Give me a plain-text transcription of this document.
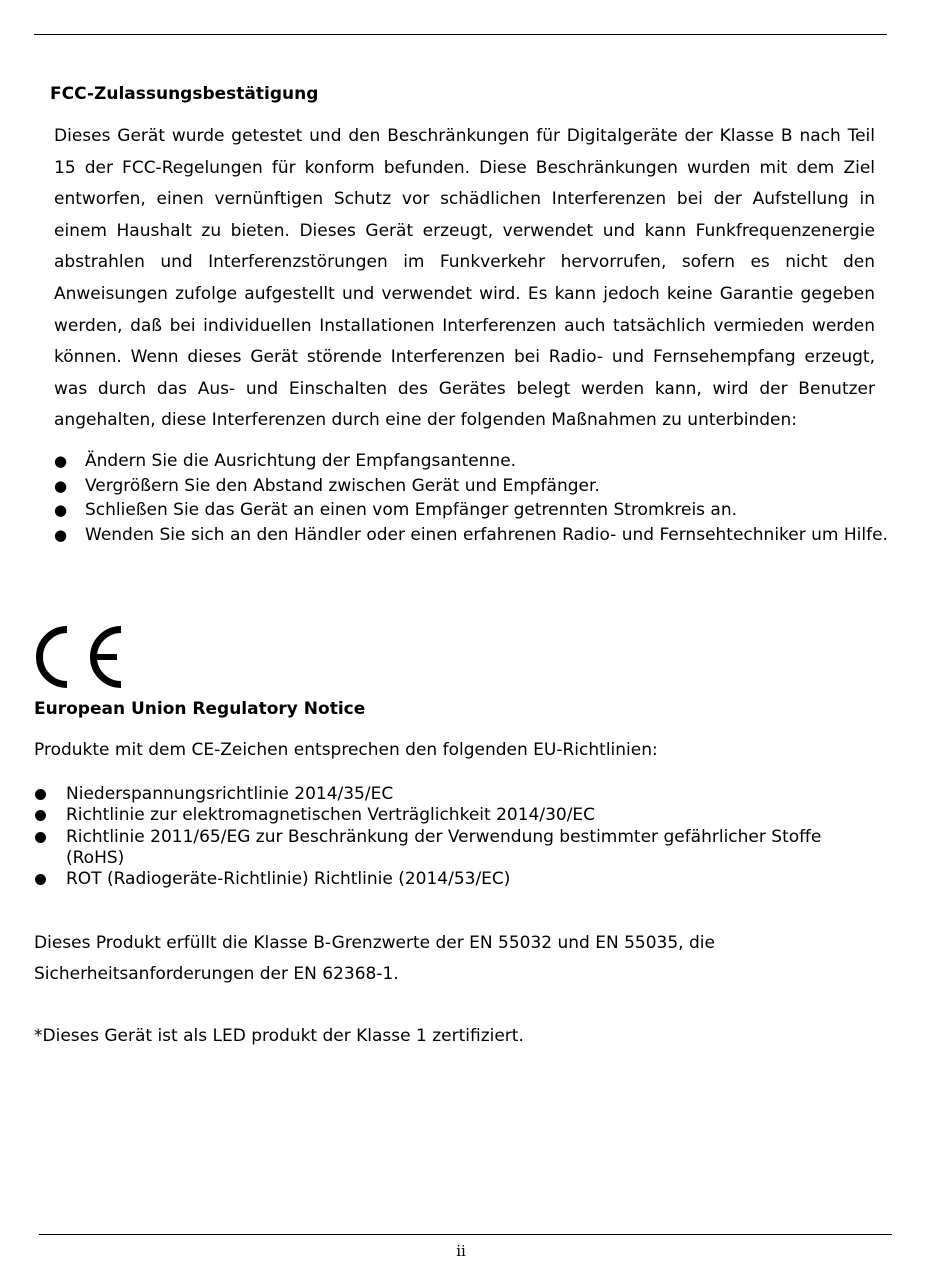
FCC-Zulassungsbestätigung

Dieses Gerät wurde getestet und den Beschränkungen für Digitalgeräte der Klasse B nach Teil 15 der FCC-Regelungen für konform befunden. Diese Beschränkungen wurden mit dem Ziel entworfen, einen vernünftigen Schutz vor schädlichen Interferenzen bei der Aufstellung in einem Haushalt zu bieten. Dieses Gerät erzeugt, verwendet und kann Funkfrequenzenergie abstrahlen und Interferenzstörungen im Funkverkehr hervorrufen, sofern es nicht den Anweisungen zufolge aufgestellt und verwendet wird. Es kann jedoch keine Garantie gegeben werden, daß bei individuellen Installationen Interferenzen auch tatsächlich vermieden werden können. Wenn dieses Gerät störende Interferenzen bei Radio- und Fernsehempfang erzeugt, was durch das Aus- und Einschalten des Gerätes belegt werden kann, wird der Benutzer angehalten, diese Interferenzen durch eine der folgenden Maßnahmen zu unterbinden:

● Ändern Sie die Ausrichtung der Empfangsantenne.
● Vergrößern Sie den Abstand zwischen Gerät und Empfänger.
● Schließen Sie das Gerät an einen vom Empfänger getrennten Stromkreis an.
● Wenden Sie sich an den Händler oder einen erfahrenen Radio- und Fernsehtechniker um Hilfe.
European Union Regulatory Notice

Produkte mit dem CE-Zeichen entsprechen den folgenden EU-Richtlinien:

Niederspannungsrichtlinie 2014/35/EC
Richtlinie zur elektromagnetischen Verträglichkeit 2014/30/EC
Richtlinie 2011/65/EG zur Beschränkung der Verwendung bestimmter gefährlicher Stoffe (RoHS)
ROT (Radiogeräte-Richtlinie) Richtlinie (2014/53/EC)

Dieses Produkt erfüllt die Klasse B-Grenzwerte der EN 55032 und EN 55035, die
Sicherheitsanforderungen der EN 62368-1.

*Dieses Gerät ist als LED produkt der Klasse 1 zertifiziert.

ii
